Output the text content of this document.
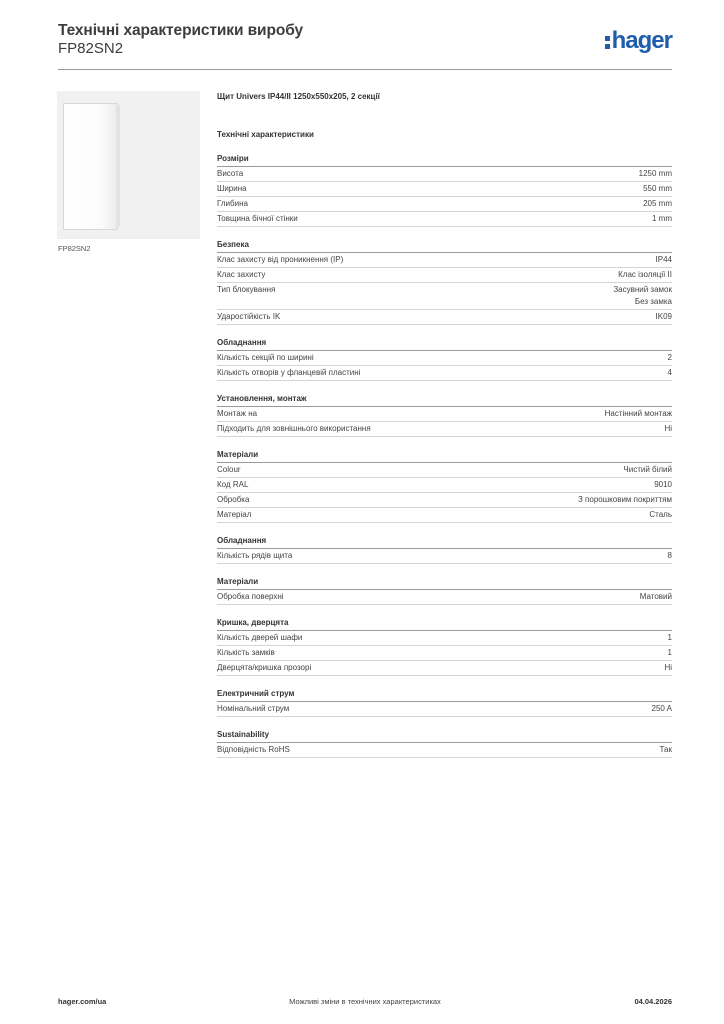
Технічні характеристики виробу
FP82SN2	hager
FP82SN2
Щит Univers IP44/II 1250x550x205, 2 секції
Технічні характеристики
Розміри
Висота	1250 mm
Ширина	550 mm
Глибина	205 mm
Товщина бічної стінки	1 mm
Безпека
Клас захисту від проникнення (IP)	IP44
Клас захисту	Клас ізоляції II
Тип блокування	Засувний замок
Без замка
Ударостійкість IK	IK09
Обладнання
Кількість секцій по ширині	2
Кількість отворів у фланцевій пластині	4
Установлення, монтаж
Монтаж на	Настінний монтаж
Підходить для зовнішнього використання	Ні
Матеріали
Colour	Чистий білий
Код RAL	9010
Обробка	З порошковим покриттям
Матеріал	Сталь
Обладнання
Кількість рядів щита	8
Матеріали
Обробка поверхні	Матовий
Кришка, дверцята
Кількість дверей шафи	1
Кількість замків	1
Дверцята/кришка прозорі	Ні
Електричний струм
Номінальний струм	250 A
Sustainability
Відповідність RoHS	Так
Можливі зміни в технічних характеристиках
hager.com/ua	04.04.2026
